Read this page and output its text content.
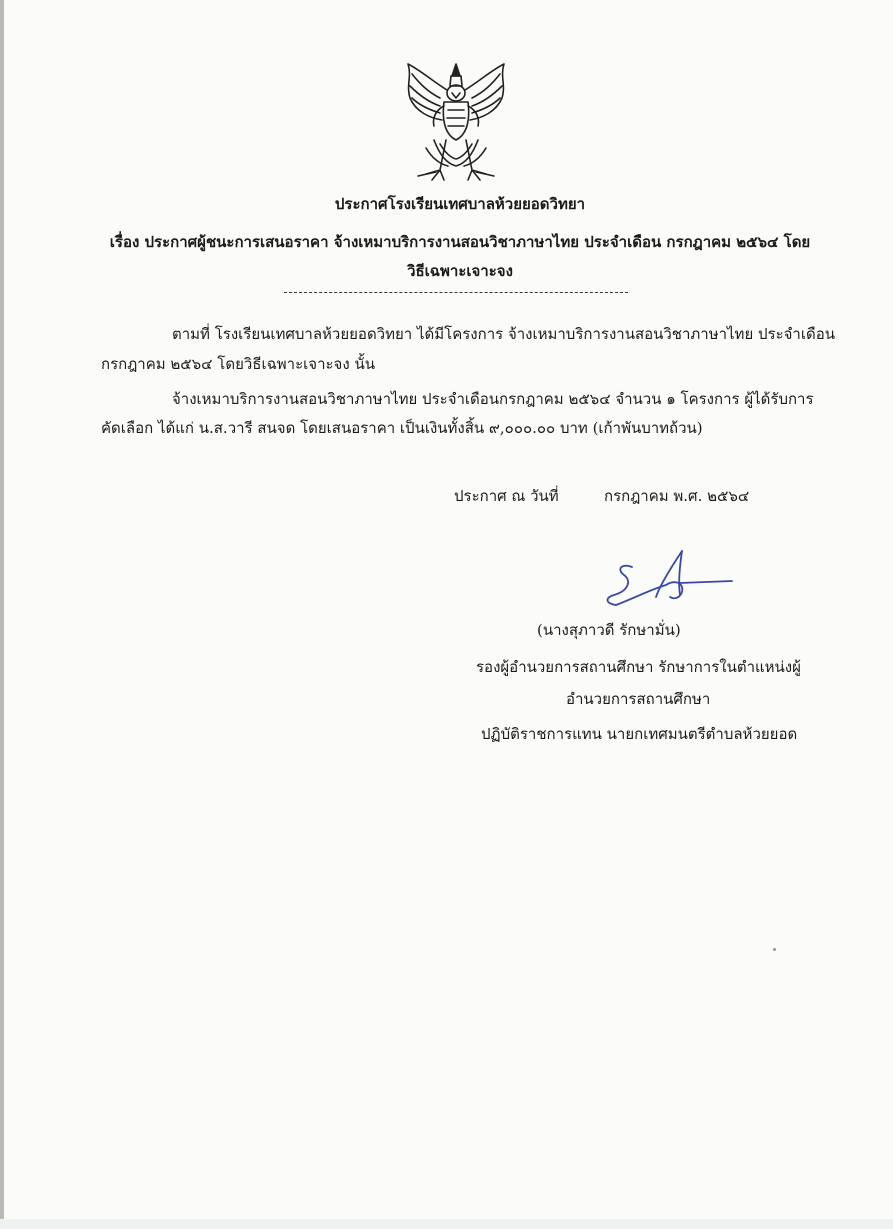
ประกาศโรงเรียนเทศบาลห้วยยอดวิทยา
เรื่อง ประกาศผู้ชนะการเสนอราคา จ้างเหมาบริการงานสอนวิชาภาษาไทย ประจำเดือน กรกฎาคม ๒๕๖๔ โดย
วิธีเฉพาะเจาะจง
ตามที่ โรงเรียนเทศบาลห้วยยอดวิทยา ได้มีโครงการ จ้างเหมาบริการงานสอนวิชาภาษาไทย ประจำเดือน
กรกฎาคม ๒๕๖๔ โดยวิธีเฉพาะเจาะจง นั้น
จ้างเหมาบริการงานสอนวิชาภาษาไทย ประจำเดือนกรกฎาคม ๒๕๖๔ จำนวน ๑ โครงการ ผู้ได้รับการ
คัดเลือก ได้แก่ น.ส.วารี สนจด โดยเสนอราคา เป็นเงินทั้งสิ้น ๙,๐๐๐.๐๐ บาท (เก้าพันบาทถ้วน)
ประกาศ ณ วันที่	กรกฎาคม พ.ศ. ๒๕๖๔
(นางสุภาวดี รักษามั่น)
รองผู้อำนวยการสถานศึกษา รักษาการในตำแหน่งผู้
อำนวยการสถานศึกษา
ปฏิบัติราชการแทน นายกเทศมนตรีตำบลห้วยยอด
